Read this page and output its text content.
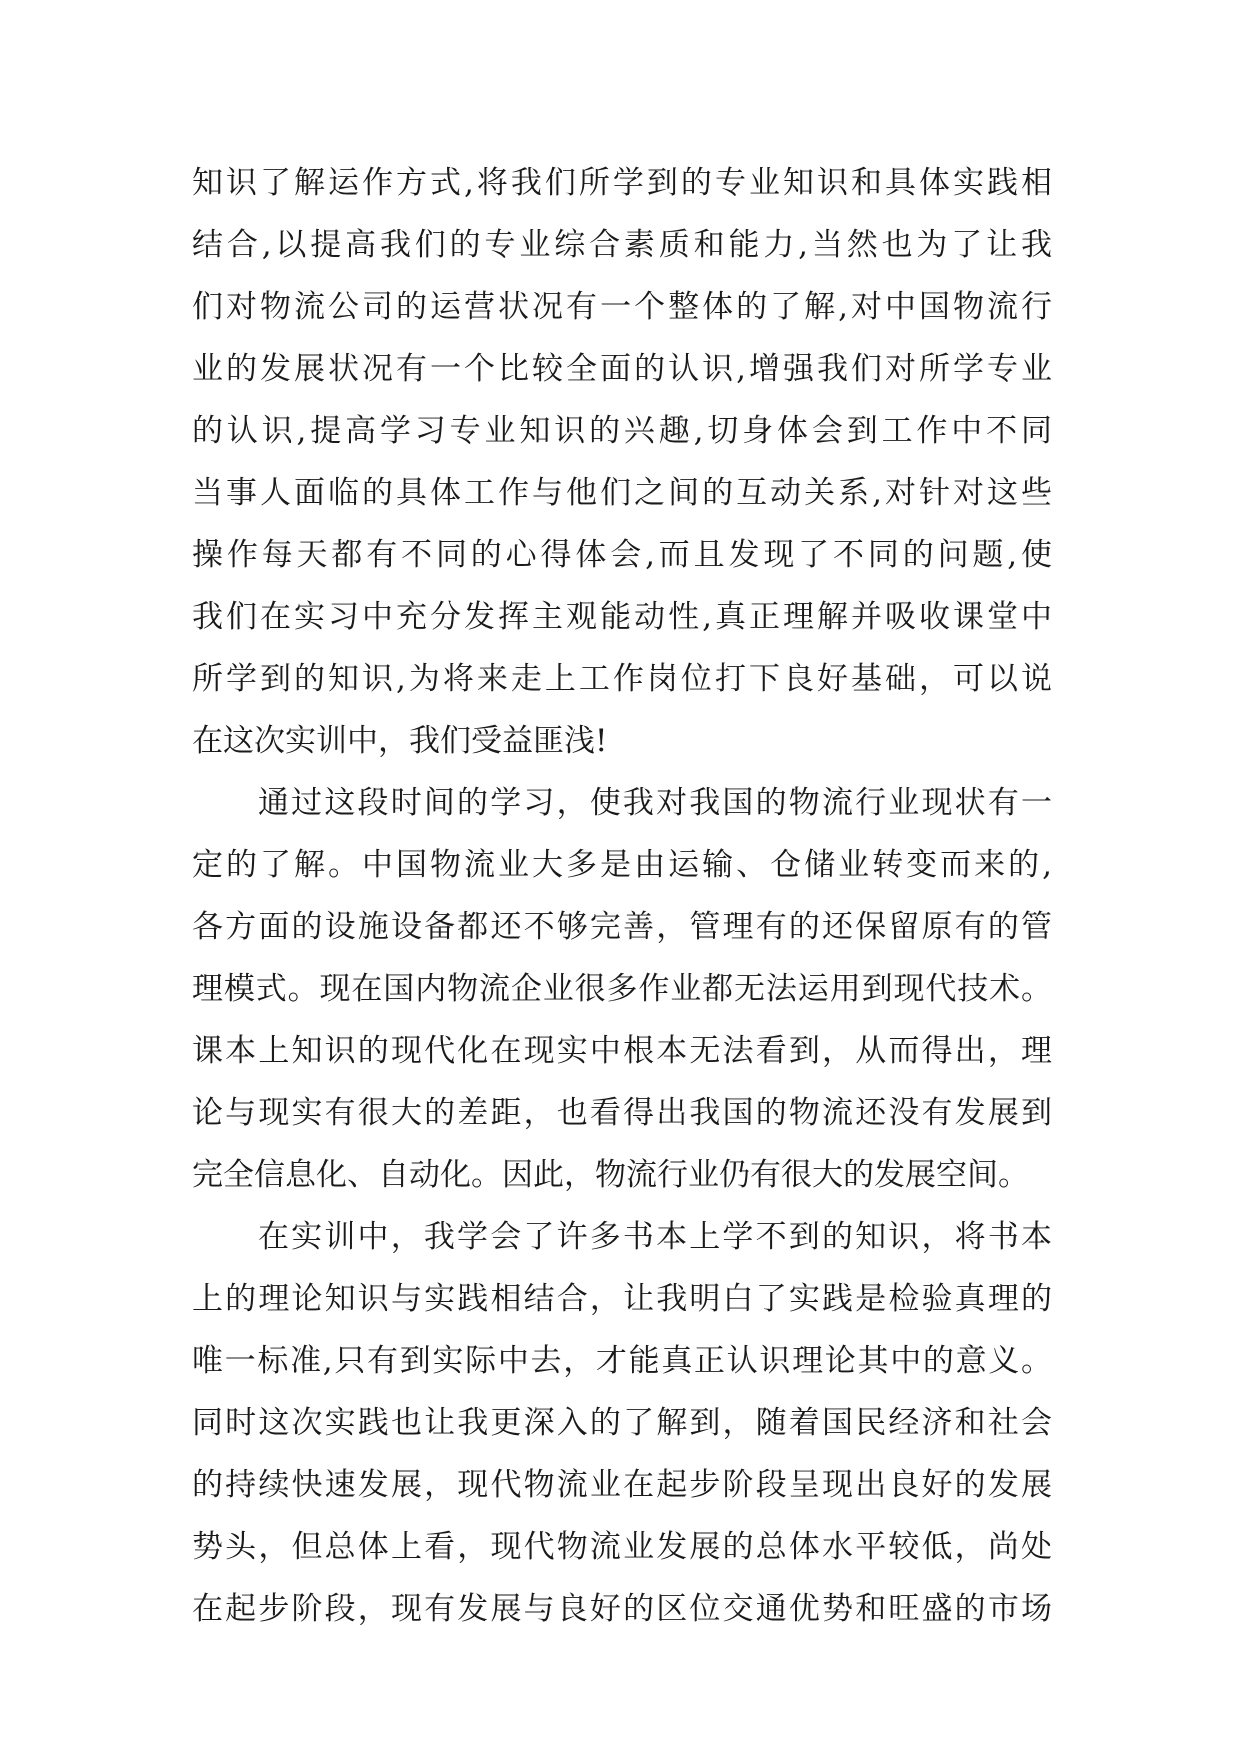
知识了解运作方式,将我们所学到的专业知识和具体实践相
结合,以提高我们的专业综合素质和能力,当然也为了让我
们对物流公司的运营状况有一个整体的了解,对中国物流行
业的发展状况有一个比较全面的认识,增强我们对所学专业
的认识,提高学习专业知识的兴趣,切身体会到工作中不同
当事人面临的具体工作与他们之间的互动关系,对针对这些
操作每天都有不同的心得体会,而且发现了不同的问题,使
我们在实习中充分发挥主观能动性,真正理解并吸收课堂中
所学到的知识,为将来走上工作岗位打下良好基础，可以说
在这次实训中，我们受益匪浅!
通过这段时间的学习，使我对我国的物流行业现状有一
定的了解。中国物流业大多是由运输、仓储业转变而来的,
各方面的设施设备都还不够完善，管理有的还保留原有的管
理模式。现在国内物流企业很多作业都无法运用到现代技术。
课本上知识的现代化在现实中根本无法看到，从而得出，理
论与现实有很大的差距，也看得出我国的物流还没有发展到
完全信息化、自动化。因此，物流行业仍有很大的发展空间。
在实训中，我学会了许多书本上学不到的知识，将书本
上的理论知识与实践相结合，让我明白了实践是检验真理的
唯一标准,只有到实际中去，才能真正认识理论其中的意义。
同时这次实践也让我更深入的了解到，随着国民经济和社会
的持续快速发展，现代物流业在起步阶段呈现出良好的发展
势头，但总体上看，现代物流业发展的总体水平较低，尚处
在起步阶段，现有发展与良好的区位交通优势和旺盛的市场
